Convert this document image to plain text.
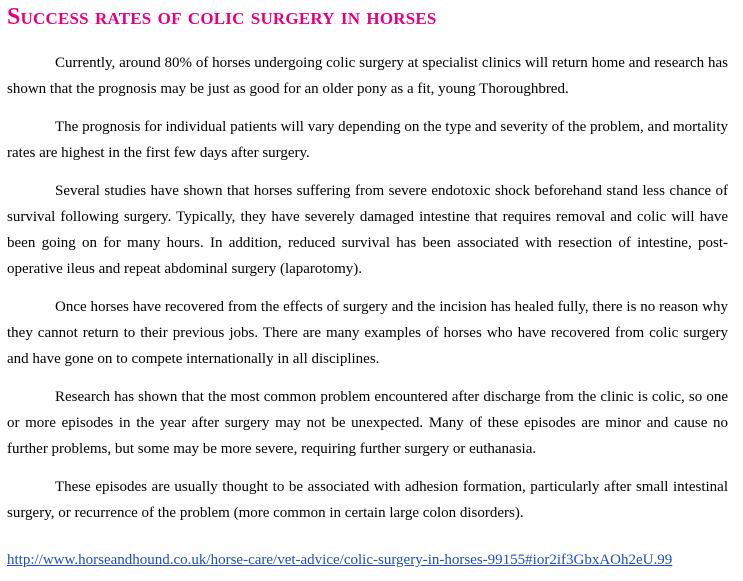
Success rates of colic surgery in horses

Currently, around 80% of horses undergoing colic surgery at specialist clinics will return home and research has shown that the prognosis may be just as good for an older pony as a fit, young Thoroughbred.

The prognosis for individual patients will vary depending on the type and severity of the problem, and mortality rates are highest in the first few days after surgery.

Several studies have shown that horses suffering from severe endotoxic shock beforehand stand less chance of survival following surgery. Typically, they have severely damaged intestine that requires removal and colic will have been going on for many hours. In addition, reduced survival has been associated with resection of intestine, post-operative ileus and repeat abdominal surgery (laparotomy).

Once horses have recovered from the effects of surgery and the incision has healed fully, there is no reason why they cannot return to their previous jobs. There are many examples of horses who have recovered from colic surgery and have gone on to compete internationally in all disciplines.

Research has shown that the most common problem encountered after discharge from the clinic is colic, so one or more episodes in the year after surgery may not be unexpected. Many of these episodes are minor and cause no further problems, but some may be more severe, requiring further surgery or euthanasia.

These episodes are usually thought to be associated with adhesion formation, particularly after small intestinal surgery, or recurrence of the problem (more common in certain large colon disorders).

http://www.horseandhound.co.uk/horse-care/vet-advice/colic-surgery-in-horses-99155#ior2if3GbxAOh2eU.99
